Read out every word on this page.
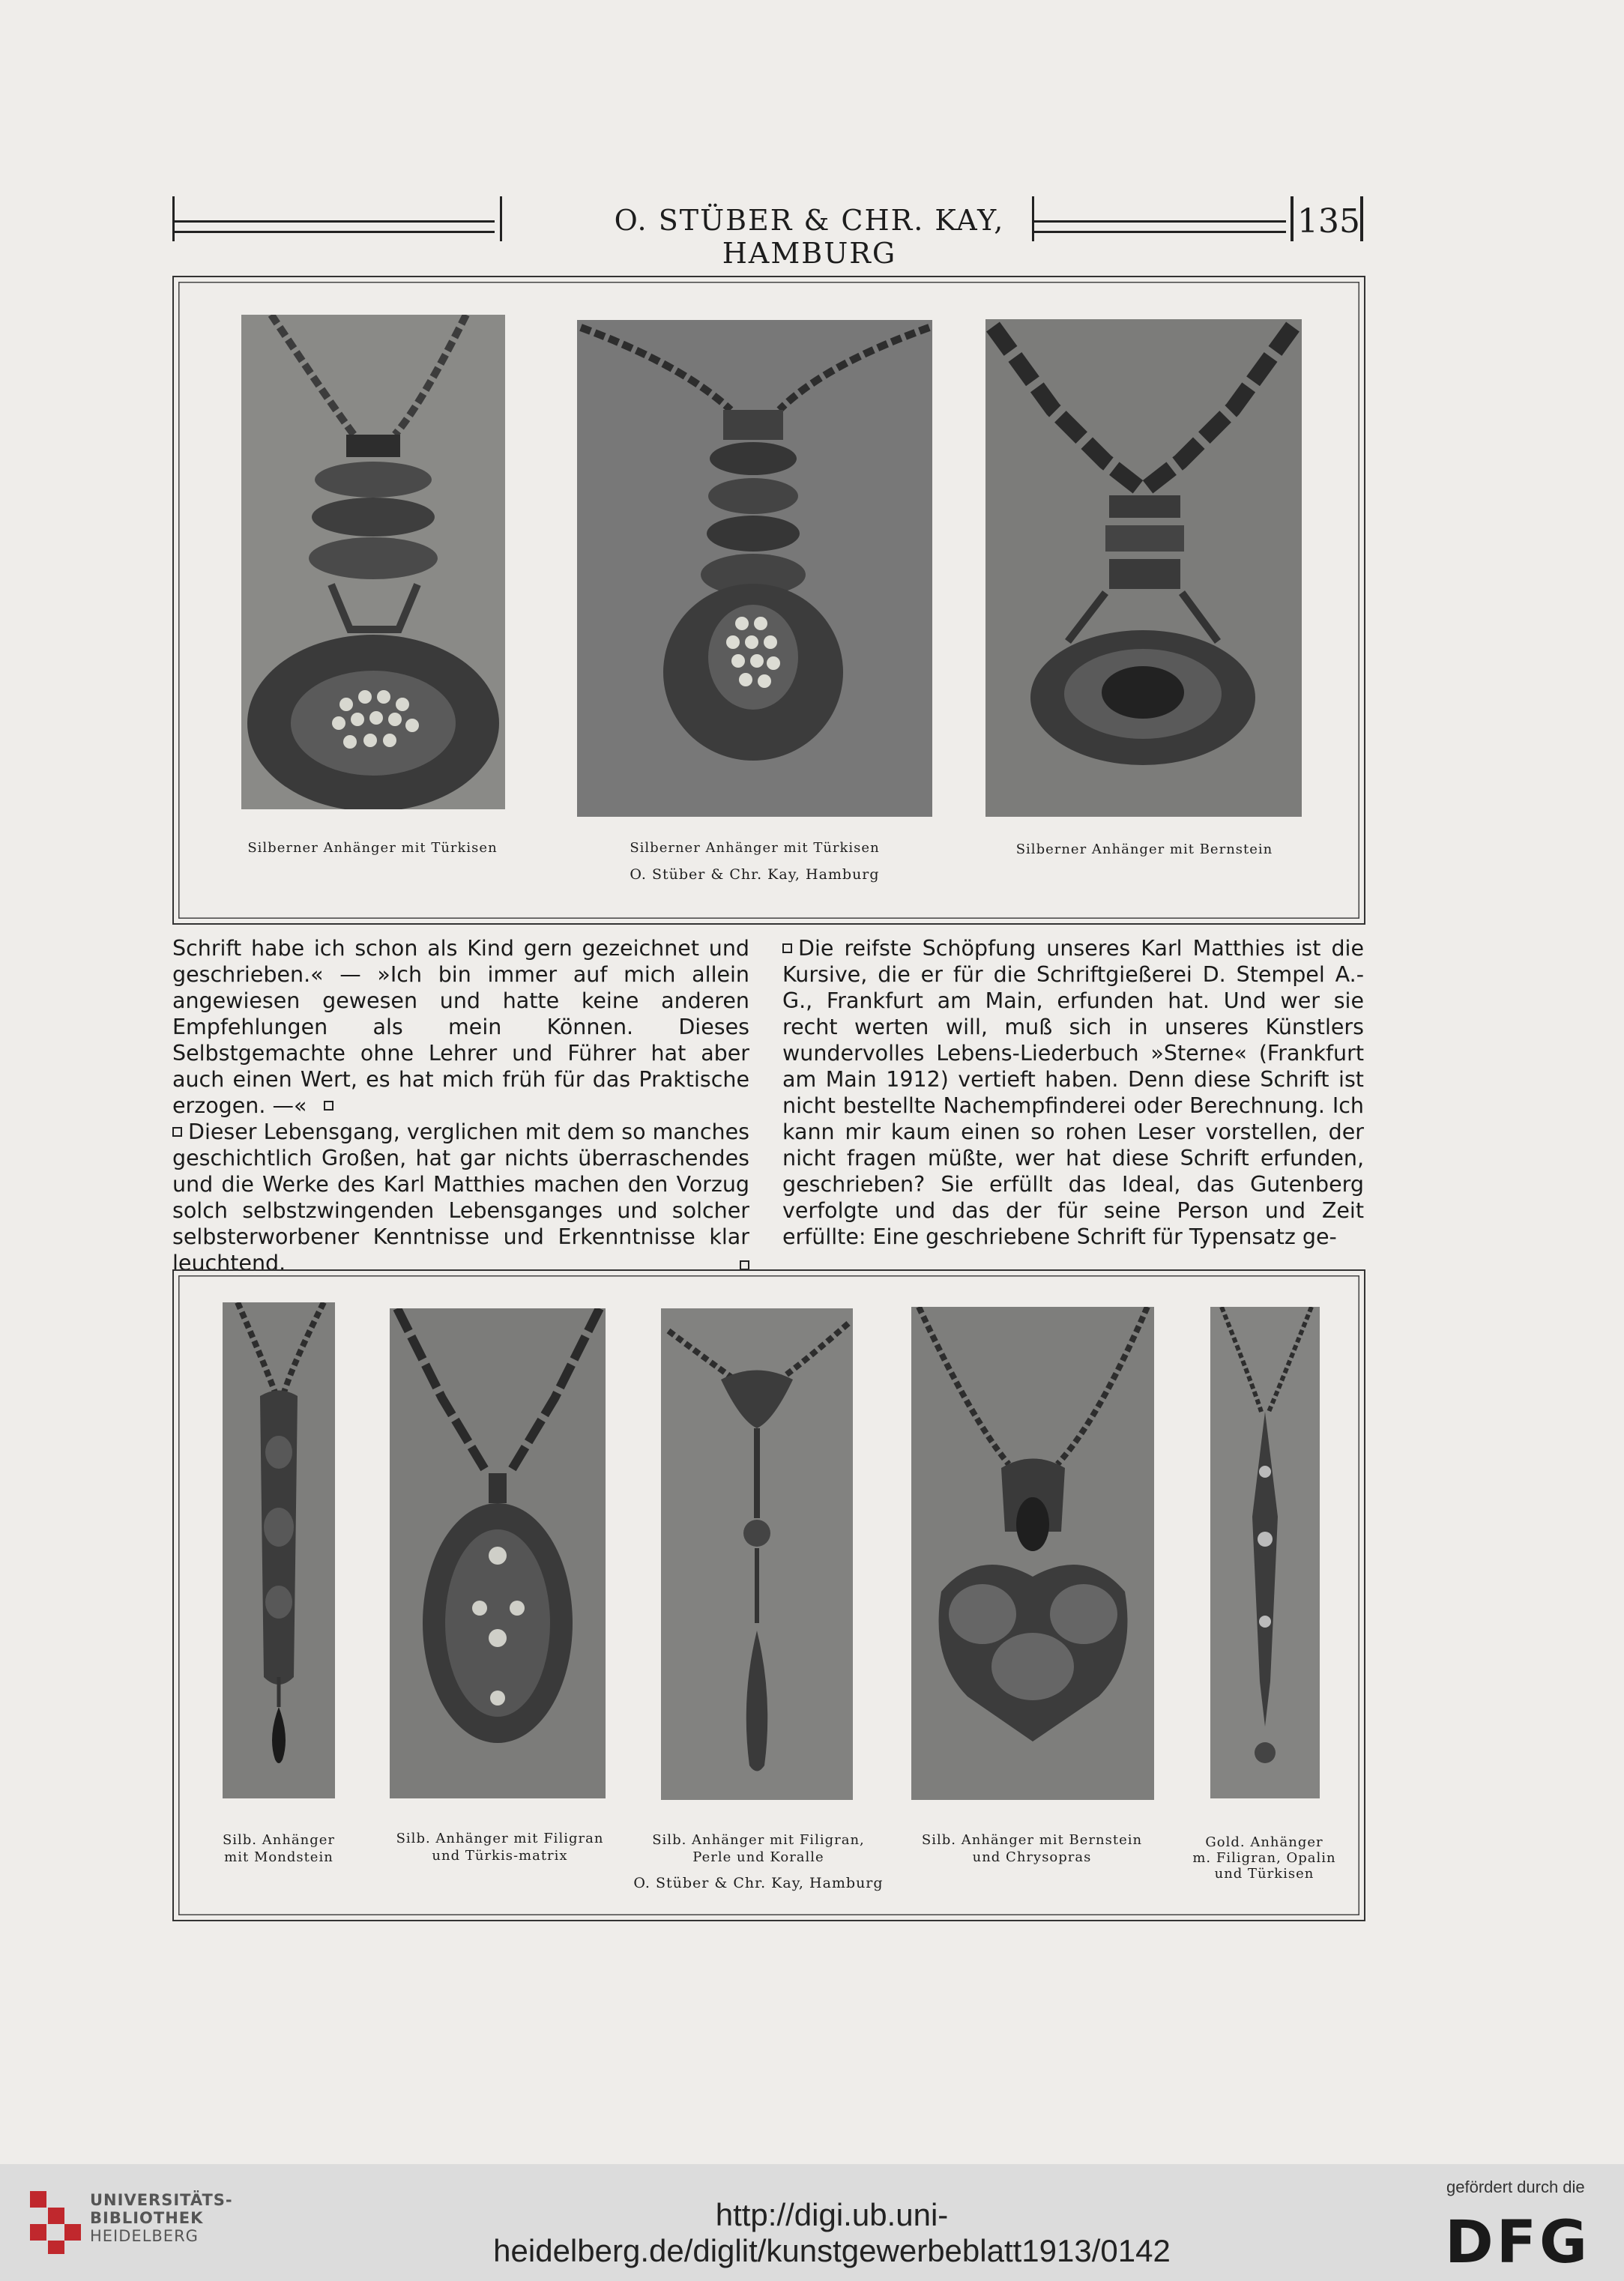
O. STÜBER & CHR. KAY, HAMBURG
135
Silberner Anhänger mit Türkisen	Silberner Anhänger mit Türkisen	Silberner Anhänger mit Bernstein
O. Stüber & Chr. Kay, Hamburg

Schrift habe ich schon als Kind gern gezeichnet und geschrieben.« — »Ich bin immer auf mich allein angewiesen gewesen und hatte keine anderen Empfehlungen als mein Können. Dieses Selbstgemachte ohne Lehrer und Führer hat aber auch einen Wert, es hat mich früh für das Praktische erzogen. —«

Dieser Lebensgang, verglichen mit dem so manches geschichtlich Großen, hat gar nichts überraschendes und die Werke des Karl Matthies machen den Vorzug solch selbstzwingenden Lebensganges und solcher selbsterworbener Kenntnisse und Erkenntnisse klar leuchtend.

Die reifste Schöpfung unseres Karl Matthies ist die Kursive, die er für die Schriftgießerei D. Stempel A.-G., Frankfurt am Main, erfunden hat. Und wer sie recht werten will, muß sich in unseres Künstlers wundervolles Lebens-Liederbuch »Sterne« (Frankfurt am Main 1912) vertieft haben. Denn diese Schrift ist nicht bestellte Nachempfinderei oder Berechnung. Ich kann mir kaum einen so rohen Leser vorstellen, der nicht fragen müßte, wer hat diese Schrift erfunden, geschrieben? Sie erfüllt das Ideal, das Gutenberg verfolgte und das der für seine Person und Zeit erfüllte: Eine geschriebene Schrift für Typensatz ge-

Silb. Anhänger
mit Mondstein
Silb. Anhänger mit Filigran
und Türkis-matrix
Silb. Anhänger mit Filigran,
Perle und Koralle
Silb. Anhänger mit Bernstein
und Chrysopras
Gold. Anhänger
m. Filigran, Opalin
und Türkisen
O. Stüber & Chr. Kay, Hamburg
UNIVERSITÄTS-
BIBLIOTHEK
HEIDELBERG
http://digi.ub.uni-heidelberg.de/diglit/kunstgewerbeblatt1913/0142
gefördert durch die
DFG
